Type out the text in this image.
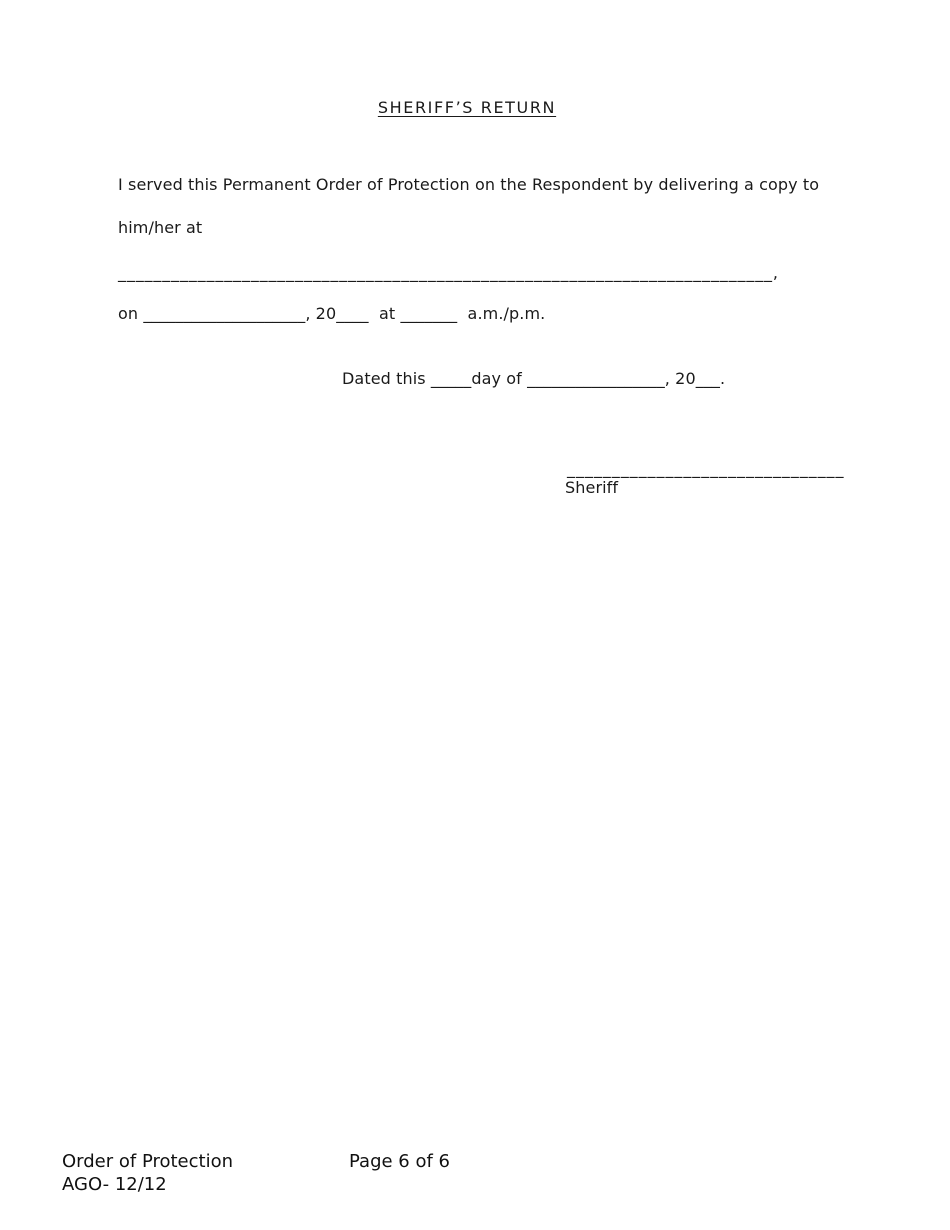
SHERIFF’S RETURN
I served this Permanent Order of Protection on the Respondent by delivering a copy to
him/her at
__________________________________________________________________________,
on ____________________, 20____  at _______  a.m./p.m.
Dated this _____day of _________________, 20___.
_______________________________
Sheriff
Order of Protection	Page 6 of 6
AGO- 12/12
